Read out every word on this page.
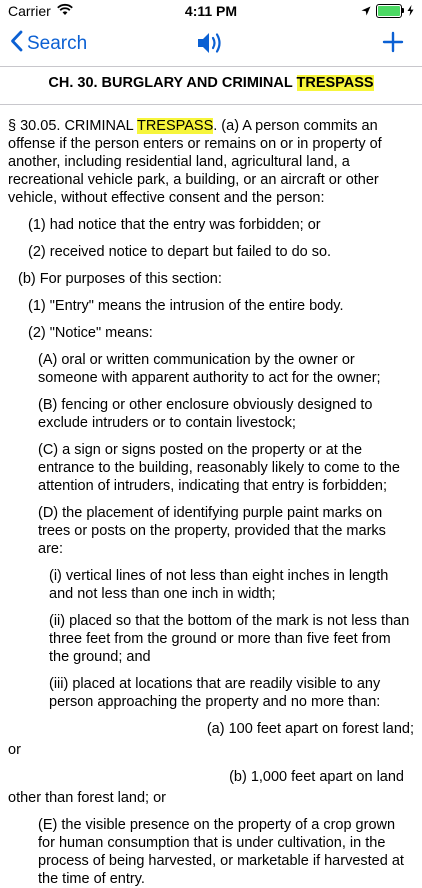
Carrier	4:11 PM
Search

CH. 30. BURGLARY AND CRIMINAL TRESPASS

§ 30.05. CRIMINAL TRESPASS. (a) A person commits an offense if the person enters or remains on or in property of another, including residential land, agricultural land, a recreational vehicle park, a building, or an aircraft or other vehicle, without effective consent and the person:

(1) had notice that the entry was forbidden; or

(2) received notice to depart but failed to do so.

(b) For purposes of this section:

(1) "Entry" means the intrusion of the entire body.

(2) "Notice" means:

(A) oral or written communication by the owner or someone with apparent authority to act for the owner;

(B) fencing or other enclosure obviously designed to exclude intruders or to contain livestock;

(C) a sign or signs posted on the property or at the entrance to the building, reasonably likely to come to the attention of intruders, indicating that entry is forbidden;

(D) the placement of identifying purple paint marks on trees or posts on the property, provided that the marks are:

(i) vertical lines of not less than eight inches in length and not less than one inch in width;

(ii) placed so that the bottom of the mark is not less than three feet from the ground or more than five feet from the ground; and

(iii) placed at locations that are readily visible to any person approaching the property and no more than:

(a) 100 feet apart on forest land;

or

(b) 1,000 feet apart on land

other than forest land; or

(E) the visible presence on the property of a crop grown for human consumption that is under cultivation, in the process of being harvested, or marketable if harvested at the time of entry.
